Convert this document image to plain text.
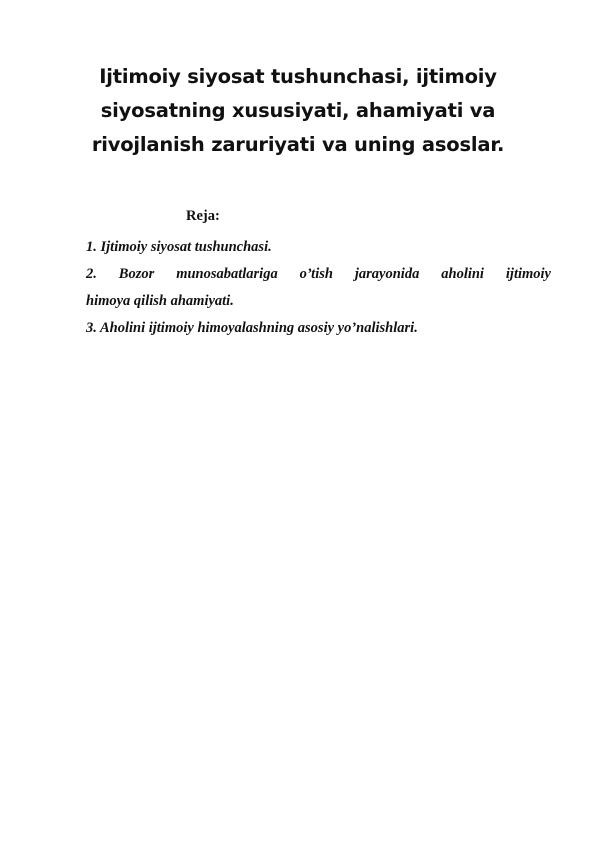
Ijtimoiy siyosat tushunchasi, ijtimoiy
siyosatning xususiyati, ahamiyati va
rivojlanish zaruriyati va uning asoslar.
Reja:
1. Ijtimoiy siyosat tushunchasi.
2. Bozor munosabatlariga o’tish jarayonida aholini ijtimoiy
himoya qilish ahamiyati.
3. Aholini ijtimoiy himoyalashning asosiy yo’nalishlari.
